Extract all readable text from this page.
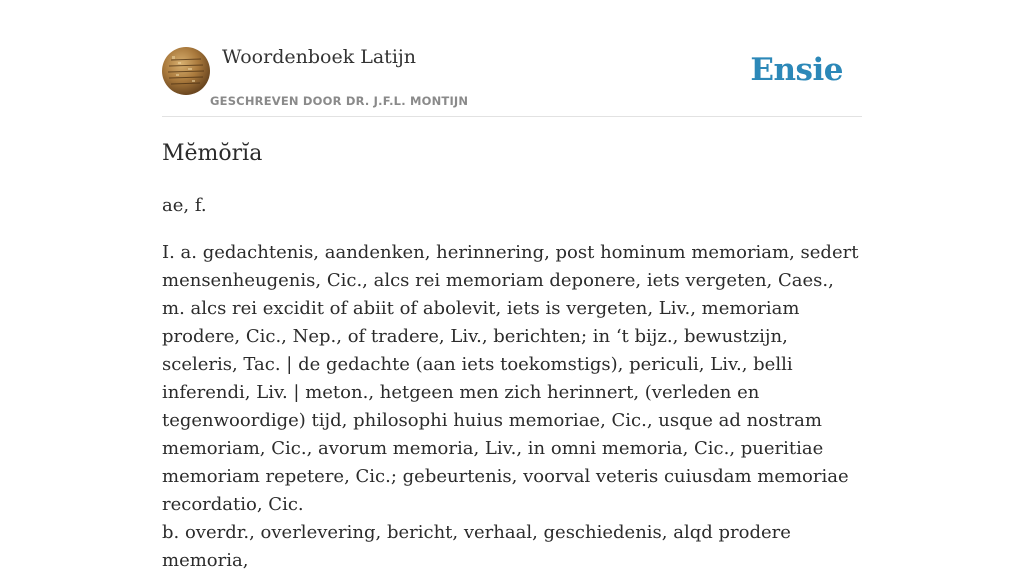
Woordenboek Latijn
GESCHREVEN DOOR DR. J.F.L. MONTIJN
Ensie
Mĕmŏrĭa
ae, f.

I. a. gedachtenis, aandenken, herinnering, post hominum memoriam, sedert mensenheugenis, Cic., alcs rei memoriam deponere, iets vergeten, Caes., m. alcs rei excidit of abiit of abolevit, iets is vergeten, Liv., memoriam prodere, Cic., Nep., of tradere, Liv., berichten; in ‘t bijz., bewustzijn, sceleris, Tac. | de gedachte (aan iets toekomstigs), periculi, Liv., belli inferendi, Liv. | meton., hetgeen men zich herinnert, (verleden en tegenwoordige) tijd, philosophi huius memoriae, Cic., usque ad nostram memoriam, Cic., avorum memoria, Liv., in omni memoria, Cic., pueritiae memoriam repetere, Cic.; gebeurtenis, voorval veteris cuiusdam memoriae recordatio, Cic.

b. overdr., overlevering, bericht, verhaal, geschiedenis, alqd prodere memoria,
